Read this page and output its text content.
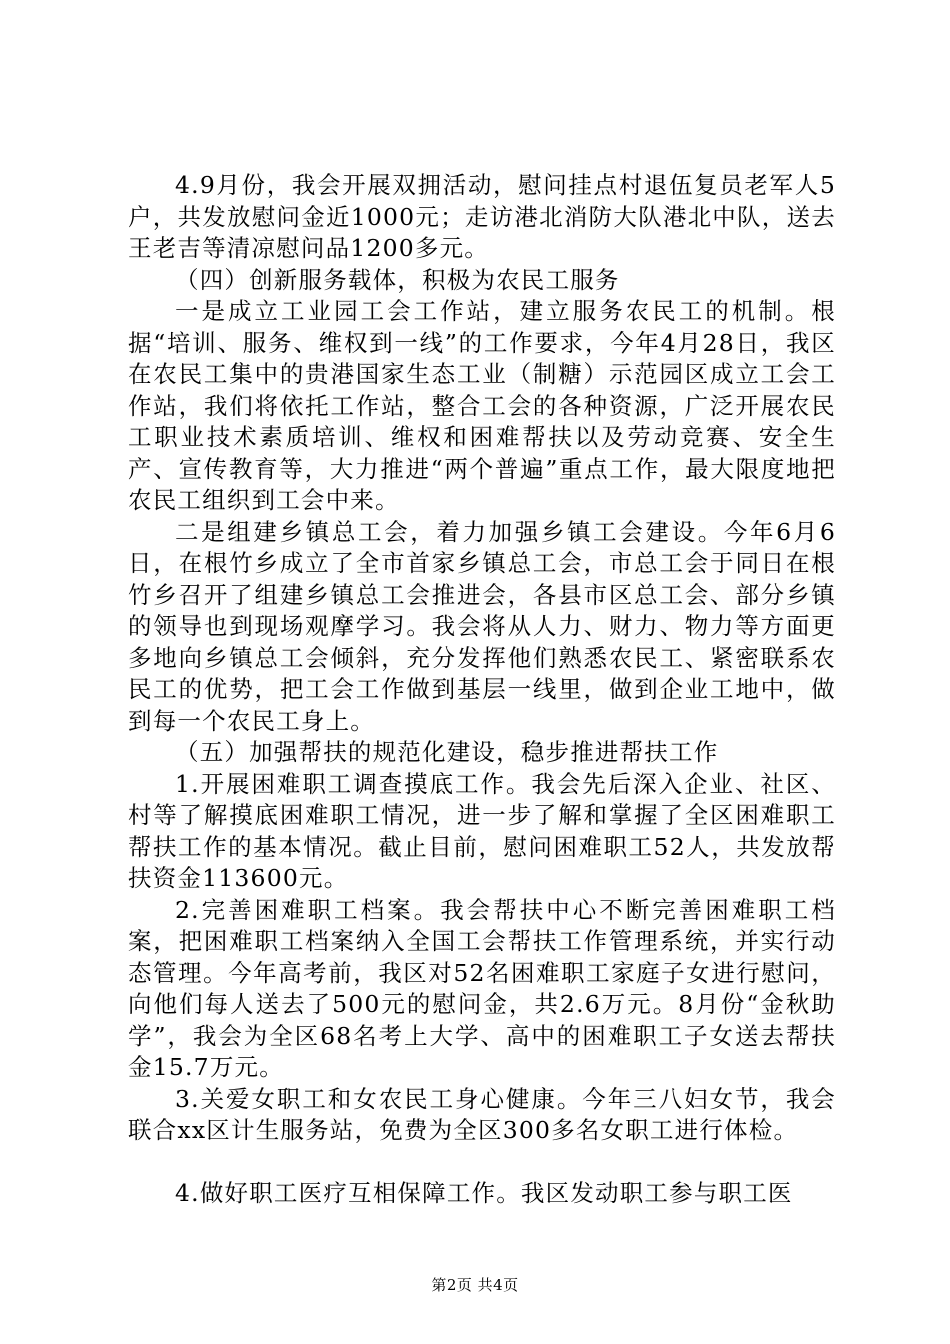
4.9月份，我会开展双拥活动，慰问挂点村退伍复员老军人5户，共发放慰问金近1000元；走访港北消防大队港北中队，送去王老吉等清凉慰问品1200多元。

（四）创新服务载体，积极为农民工服务

一是成立工业园工会工作站，建立服务农民工的机制。根据“培训、服务、维权到一线”的工作要求，今年4月28日，我区在农民工集中的贵港国家生态工业（制糖）示范园区成立工会工作站，我们将依托工作站，整合工会的各种资源，广泛开展农民工职业技术素质培训、维权和困难帮扶以及劳动竞赛、安全生产、宣传教育等，大力推进“两个普遍”重点工作，最大限度地把农民工组织到工会中来。

二是组建乡镇总工会，着力加强乡镇工会建设。今年6月6日，在根竹乡成立了全市首家乡镇总工会，市总工会于同日在根竹乡召开了组建乡镇总工会推进会，各县市区总工会、部分乡镇的领导也到现场观摩学习。我会将从人力、财力、物力等方面更多地向乡镇总工会倾斜，充分发挥他们熟悉农民工、紧密联系农民工的优势，把工会工作做到基层一线里，做到企业工地中，做到每一个农民工身上。

（五）加强帮扶的规范化建设，稳步推进帮扶工作

1.开展困难职工调查摸底工作。我会先后深入企业、社区、村等了解摸底困难职工情况，进一步了解和掌握了全区困难职工帮扶工作的基本情况。截止目前，慰问困难职工52人，共发放帮扶资金113600元。

2.完善困难职工档案。我会帮扶中心不断完善困难职工档案，把困难职工档案纳入全国工会帮扶工作管理系统，并实行动态管理。今年高考前，我区对52名困难职工家庭子女进行慰问，向他们每人送去了500元的慰问金，共2.6万元。8月份“金秋助学”，我会为全区68名考上大学、高中的困难职工子女送去帮扶金15.7万元。

3.关爱女职工和女农民工身心健康。今年三八妇女节，我会联合xx区计生服务站，免费为全区300多名女职工进行体检。

4.做好职工医疗互相保障工作。我区发动职工参与职工医

第2页 共4页
